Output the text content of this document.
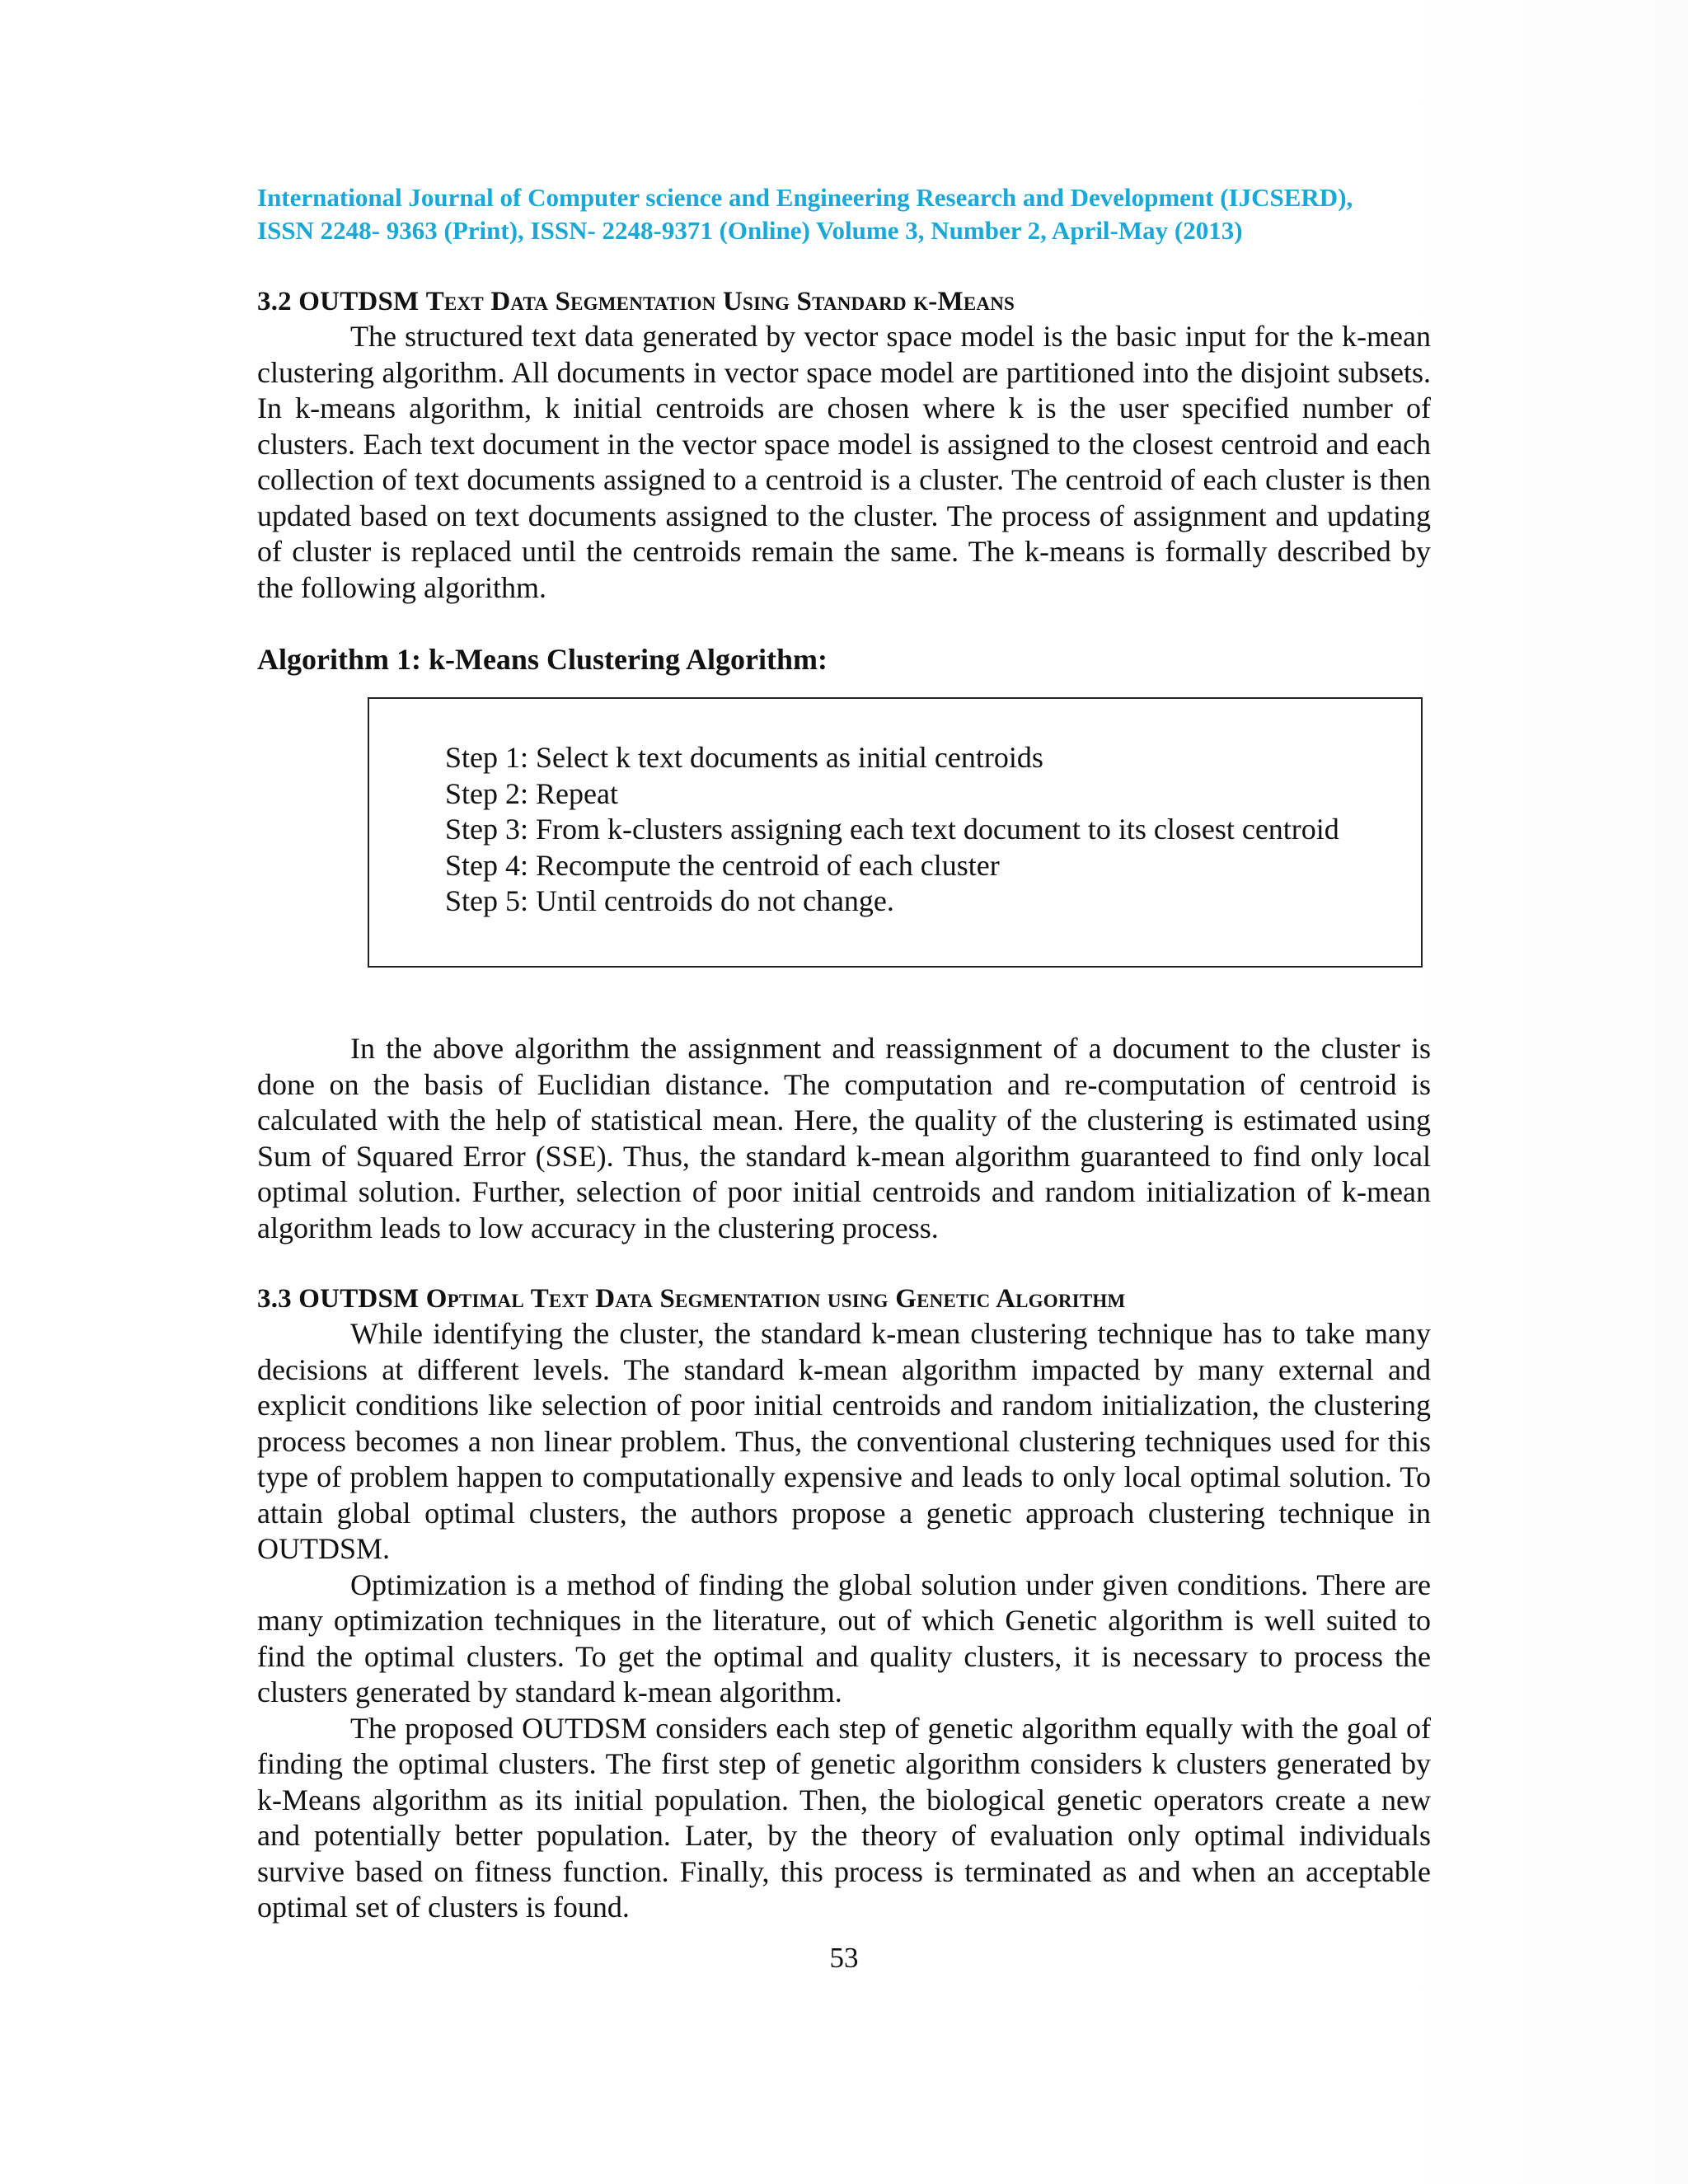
International Journal of Computer science and Engineering Research and Development (IJCSERD),
ISSN 2248- 9363 (Print), ISSN- 2248-9371 (Online) Volume 3, Number 2, April-May (2013)
3.2 OUTDSM Text Data Segmentation Using Standard k-Means

The structured text data generated by vector space model is the basic input for the k-mean clustering algorithm. All documents in vector space model are partitioned into the disjoint subsets. In k-means algorithm, k initial centroids are chosen where k is the user specified number of clusters. Each text document in the vector space model is assigned to the closest centroid and each collection of text documents assigned to a centroid is a cluster. The centroid of each cluster is then updated based on text documents assigned to the cluster. The process of assignment and updating of cluster is replaced until the centroids remain the same. The k-means is formally described by the following algorithm.

Algorithm 1: k-Means Clustering Algorithm:
Step 1: Select k text documents as initial centroids
Step 2: Repeat
Step 3: From k-clusters assigning each text document to its closest centroid
Step 4: Recompute the centroid of each cluster
Step 5: Until centroids do not change.

In the above algorithm the assignment and reassignment of a document to the cluster is done on the basis of Euclidian distance. The computation and re-computation of centroid is calculated with the help of statistical mean. Here, the quality of the clustering is estimated using Sum of Squared Error (SSE). Thus, the standard k-mean algorithm guaranteed to find only local optimal solution. Further, selection of poor initial centroids and random initialization of k-mean algorithm leads to low accuracy in the clustering process.

3.3 OUTDSM Optimal Text Data Segmentation using Genetic Algorithm

While identifying the cluster, the standard k-mean clustering technique has to take many decisions at different levels. The standard k-mean algorithm impacted by many external and explicit conditions like selection of poor initial centroids and random initialization, the clustering process becomes a non linear problem. Thus, the conventional clustering techniques used for this type of problem happen to computationally expensive and leads to only local optimal solution. To attain global optimal clusters, the authors propose a genetic approach clustering technique in OUTDSM.

Optimization is a method of finding the global solution under given conditions. There are many optimization techniques in the literature, out of which Genetic algorithm is well suited to find the optimal clusters. To get the optimal and quality clusters, it is necessary to process the clusters generated by standard k-mean algorithm.

The proposed OUTDSM considers each step of genetic algorithm equally with the goal of finding the optimal clusters. The first step of genetic algorithm considers k clusters generated by k-Means algorithm as its initial population. Then, the biological genetic operators create a new and potentially better population. Later, by the theory of evaluation only optimal individuals survive based on fitness function. Finally, this process is terminated as and when an acceptable optimal set of clusters is found.

53
